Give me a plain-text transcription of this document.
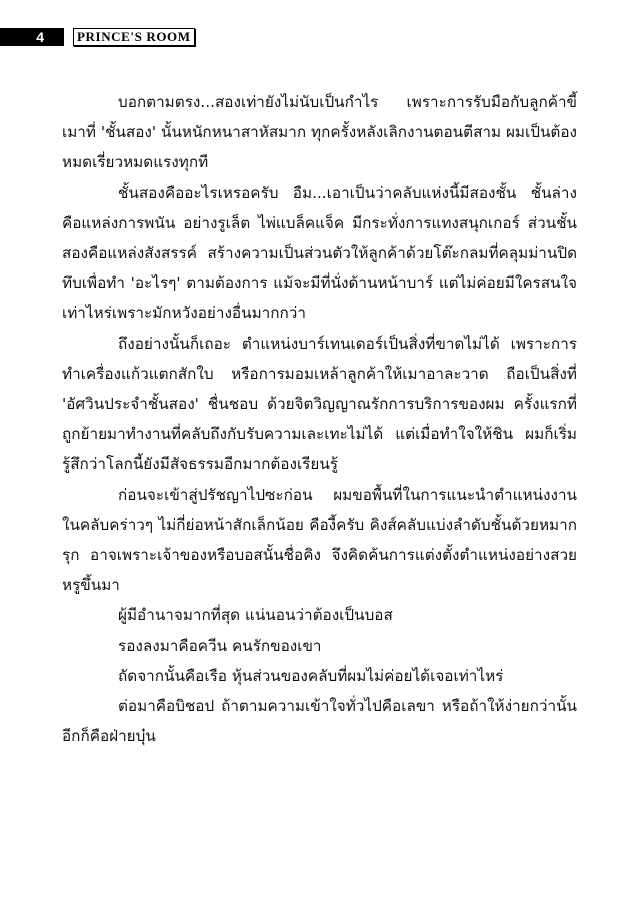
4	PRINCE'S ROOM

บอกตามตรง...สองเท่ายังไม่นับเป็นกำไร เพราะการรับมือกับลูกค้าขี้เมาที่ 'ชั้นสอง' นั้นหนักหนาสาหัสมาก ทุกครั้งหลังเลิกงานตอนตีสาม ผมเป็นต้องหมดเรี่ยวหมดแรงทุกที

ชั้นสองคืออะไรเหรอครับ อืม...เอาเป็นว่าคลับแห่งนี้มีสองชั้น ชั้นล่างคือแหล่งการพนัน อย่างรูเล็ต ไพ่แบล็คแจ็ค มีกระทั่งการแทงสนุกเกอร์ ส่วนชั้นสองคือแหล่งสังสรรค์ สร้างความเป็นส่วนตัวให้ลูกค้าด้วยโต๊ะกลมที่คลุมม่านปิดทึบเพื่อทำ 'อะไรๆ' ตามต้องการ แม้จะมีที่นั่งด้านหน้าบาร์ แต่ไม่ค่อยมีใครสนใจเท่าไหร่เพราะมักหวังอย่างอื่นมากกว่า

ถึงอย่างนั้นก็เถอะ ตำแหน่งบาร์เทนเดอร์เป็นสิ่งที่ขาดไม่ได้ เพราะการทำเครื่องแก้วแตกสักใบ หรือการมอมเหล้าลูกค้าให้เมาอาละวาด ถือเป็นสิ่งที่ 'อัศวินประจำชั้นสอง' ชื่นชอบ ด้วยจิตวิญญาณรักการบริการของผม ครั้งแรกที่ถูกย้ายมาทำงานที่คลับถึงกับรับความเละเทะไม่ได้ แต่เมื่อทำใจให้ชิน ผมก็เริ่มรู้สึกว่าโลกนี้ยังมีสัจธรรมอีกมากต้องเรียนรู้

ก่อนจะเข้าสู่ปรัชญาไปซะก่อน ผมขอพื้นที่ในการแนะนำตำแหน่งงานในคลับคร่าวๆ ไม่กี่ย่อหน้าสักเล็กน้อย คืองี้ครับ คิงส์คลับแบ่งลำดับชั้นด้วยหมากรุก อาจเพราะเจ้าของหรือบอสนั้นชื่อคิง จึงคิดค้นการแต่งตั้งตำแหน่งอย่างสวยหรูขึ้นมา

ผู้มีอำนาจมากที่สุด แน่นอนว่าต้องเป็นบอส

รองลงมาคือควีน คนรักของเขา

ถัดจากนั้นคือเรือ หุ้นส่วนของคลับที่ผมไม่ค่อยได้เจอเท่าไหร่

ต่อมาคือบิชอป ถ้าตามความเข้าใจทั่วไปคือเลขา หรือถ้าให้ง่ายกว่านั้นอีกก็คือฝ่ายบุ๋น
